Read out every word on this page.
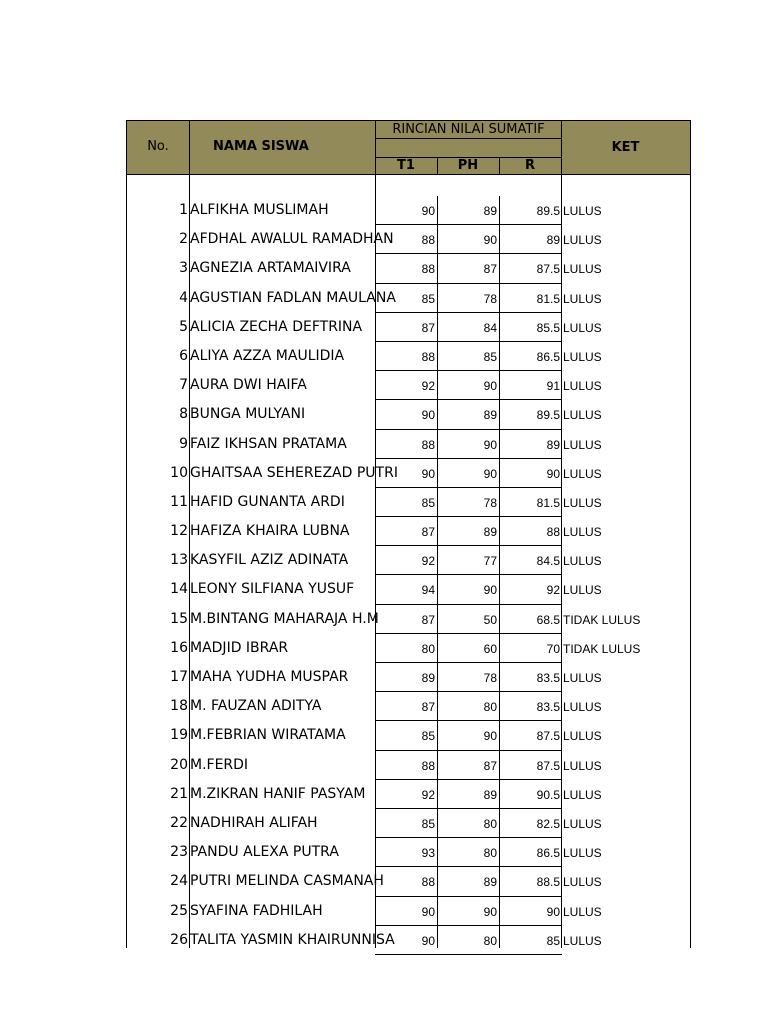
No.	NAMA SISWA
RINCIAN NILAI SUMATIF
T1	PH	R
KET
1 ALFIKHA MUSLIMAH	90	89	89.5 LULUS
2 AFDHAL AWALUL RAMADHAN	88	90	89 LULUS
3 AGNEZIA ARTAMAIVIRA	88	87	87.5 LULUS
4 AGUSTIAN FADLAN MAULANA	85	78	81.5 LULUS
5 ALICIA ZECHA DEFTRINA	87	84	85.5 LULUS
6 ALIYA AZZA MAULIDIA	88	85	86.5 LULUS
7 AURA DWI HAIFA	92	90	91 LULUS
8 BUNGA MULYANI	90	89	89.5 LULUS
9 FAIZ IKHSAN PRATAMA	88	90	89 LULUS
10 GHAITSAA SEHEREZAD PUTRI	90	90	90 LULUS
11 HAFID GUNANTA ARDI	85	78	81.5 LULUS
12 HAFIZA KHAIRA LUBNA	87	89	88 LULUS
13 KASYFIL AZIZ ADINATA	92	77	84.5 LULUS
14 LEONY SILFIANA YUSUF	94	90	92 LULUS
15 M.BINTANG MAHARAJA H.M	87	50	68.5 TIDAK LULUS
16 MADJID IBRAR	80	60	70 TIDAK LULUS
17 MAHA YUDHA MUSPAR	89	78	83.5 LULUS
18 M. FAUZAN ADITYA	87	80	83.5 LULUS
19 M.FEBRIAN WIRATAMA	85	90	87.5 LULUS
20 M.FERDI	88	87	87.5 LULUS
21 M.ZIKRAN HANIF PASYAM	92	89	90.5 LULUS
22 NADHIRAH ALIFAH	85	80	82.5 LULUS
23 PANDU ALEXA PUTRA	93	80	86.5 LULUS
24 PUTRI MELINDA CASMANAH	88	89	88.5 LULUS
25 SYAFINA FADHILAH	90	90	90 LULUS
26 TALITA YASMIN KHAIRUNNISA	90	80	85 LULUS
